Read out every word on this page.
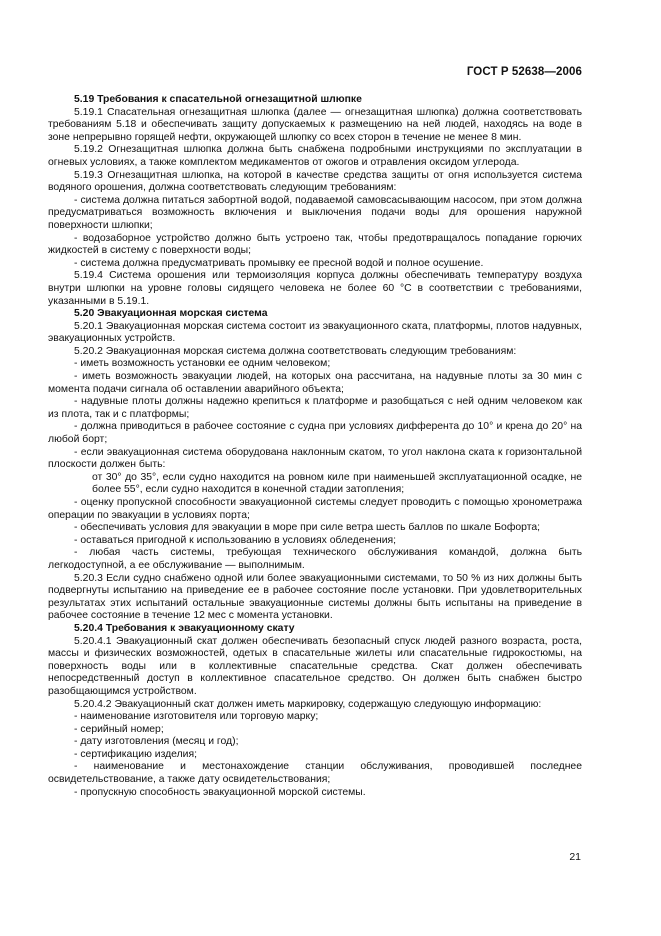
ГОСТ Р 52638—2006

5.19 Требования к спасательной огнезащитной шлюпке

5.19.1 Спасательная огнезащитная шлюпка (далее — огнезащитная шлюпка) должна соответствовать требованиям 5.18 и обеспечивать защиту допускаемых к размещению на ней людей, находясь на воде в зоне непрерывно горящей нефти, окружающей шлюпку со всех сторон в течение не менее 8 мин.

5.19.2 Огнезащитная шлюпка должна быть снабжена подробными инструкциями по эксплуатации в огневых условиях, а также комплектом медикаментов от ожогов и отравления оксидом углерода.

5.19.3 Огнезащитная шлюпка, на которой в качестве средства защиты от огня используется система водяного орошения, должна соответствовать следующим требованиям:

- система должна питаться забортной водой, подаваемой самовсасывающим насосом, при этом должна предусматриваться возможность включения и выключения подачи воды для орошения наружной поверхности шлюпки;

- водозаборное устройство должно быть устроено так, чтобы предотвращалось попадание горючих жидкостей в систему с поверхности воды;

- система должна предусматривать промывку ее пресной водой и полное осушение.

5.19.4 Система орошения или термоизоляция корпуса должны обеспечивать температуру воздуха внутри шлюпки на уровне головы сидящего человека не более 60 °С в соответствии с требованиями, указанными в 5.19.1.

5.20 Эвакуационная морская система

5.20.1 Эвакуационная морская система состоит из эвакуационного ската, платформы, плотов надувных, эвакуационных устройств.

5.20.2 Эвакуационная морская система должна соответствовать следующим требованиям:

- иметь возможность установки ее одним человеком;

- иметь возможность эвакуации людей, на которых она рассчитана, на надувные плоты за 30 мин с момента подачи сигнала об оставлении аварийного объекта;

- надувные плоты должны надежно крепиться к платформе и разобщаться с ней одним человеком как из плота, так и с платформы;

- должна приводиться в рабочее состояние с судна при условиях дифферента до 10° и крена до 20° на любой борт;

- если эвакуационная система оборудована наклонным скатом, то угол наклона ската к горизонтальной плоскости должен быть:

от 30° до 35°, если судно находится на ровном киле при наименьшей эксплуатационной осадке, не более 55°, если судно находится в конечной стадии затопления;

- оценку пропускной способности эвакуационной системы следует проводить с помощью хронометража операции по эвакуации в условиях порта;

- обеспечивать условия для эвакуации в море при силе ветра шесть баллов по шкале Бофорта;

- оставаться пригодной к использованию в условиях обледенения;

- любая часть системы, требующая технического обслуживания командой, должна быть легкодоступной, а ее обслуживание — выполнимым.

5.20.3 Если судно снабжено одной или более эвакуационными системами, то 50 % из них должны быть подвергнуты испытанию на приведение ее в рабочее состояние после установки. При удовлетворительных результатах этих испытаний остальные эвакуационные системы должны быть испытаны на приведение в рабочее состояние в течение 12 мес с момента установки.

5.20.4 Требования к эвакуационному скату

5.20.4.1 Эвакуационный скат должен обеспечивать безопасный спуск людей разного возраста, роста, массы и физических возможностей, одетых в спасательные жилеты или спасательные гидрокостюмы, на поверхность воды или в коллективные спасательные средства. Скат должен обеспечивать непосредственный доступ в коллективное спасательное средство. Он должен быть снабжен быстро разобщающимся устройством.

5.20.4.2 Эвакуационный скат должен иметь маркировку, содержащую следующую информацию:

- наименование изготовителя или торговую марку;

- серийный номер;

- дату изготовления (месяц и год);

- сертификацию изделия;

- наименование и местонахождение станции обслуживания, проводившей последнее освидетельствование, а также дату освидетельствования;

- пропускную способность эвакуационной морской системы.

21
